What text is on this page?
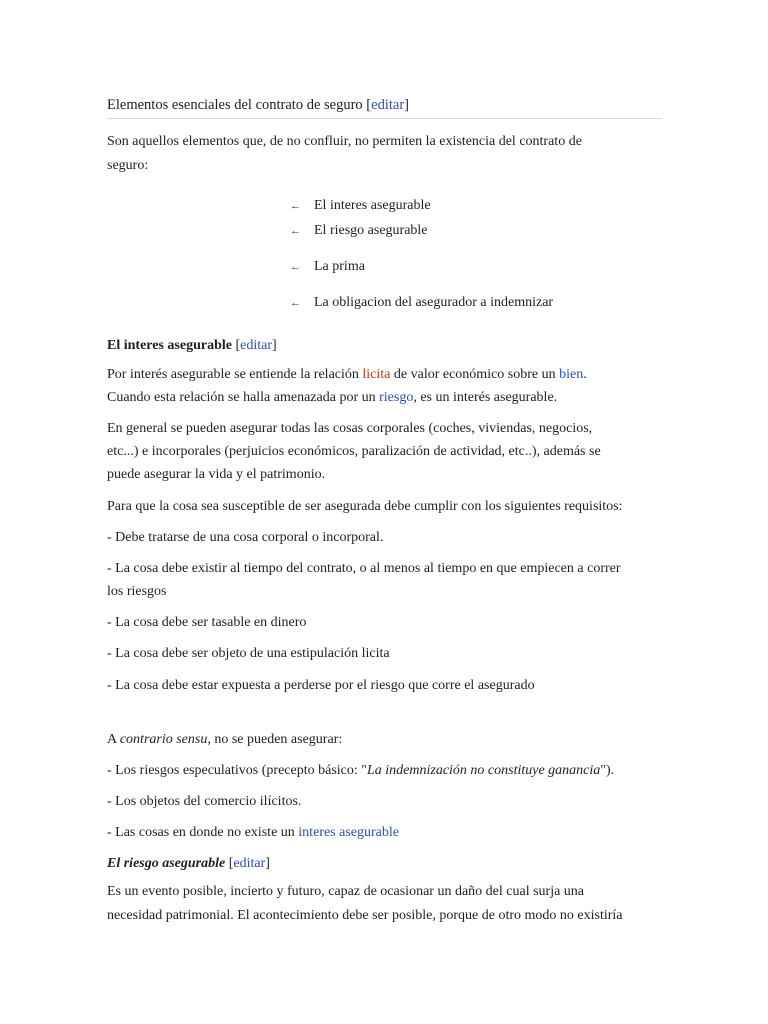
Elementos esenciales del contrato de seguro [editar]
Son aquellos elementos que, de no confluir, no permiten la existencia del contrato de
seguro:
← El interes asegurable
← El riesgo asegurable
← La prima
← La obligacion del asegurador a indemnizar
El interes asegurable [editar]
Por interés asegurable se entiende la relación licita de valor económico sobre un bien.
Cuando esta relación se halla amenazada por un riesgo, es un interés asegurable.
En general se pueden asegurar todas las cosas corporales (coches, viviendas, negocios,
etc...) e incorporales (perjuicios económicos, paralización de actividad, etc..), además se
puede asegurar la vida y el patrimonio.
Para que la cosa sea susceptible de ser asegurada debe cumplir con los siguientes requisitos:
- Debe tratarse de una cosa corporal o incorporal.
- La cosa debe existir al tiempo del contrato, o al menos al tiempo en que empiecen a correr
los riesgos
- La cosa debe ser tasable en dinero
- La cosa debe ser objeto de una estipulación licita
- La cosa debe estar expuesta a perderse por el riesgo que corre el asegurado
A contrario sensu, no se pueden asegurar:
- Los riesgos especulativos (precepto básico: "La indemnización no constituye ganancia").
- Los objetos del comercio ilícitos.
- Las cosas en donde no existe un interes asegurable
El riesgo asegurable [editar]
Es un evento posible, incierto y futuro, capaz de ocasionar un daño del cual surja una
necesidad patrimonial. El acontecimiento debe ser posible, porque de otro modo no existiría
